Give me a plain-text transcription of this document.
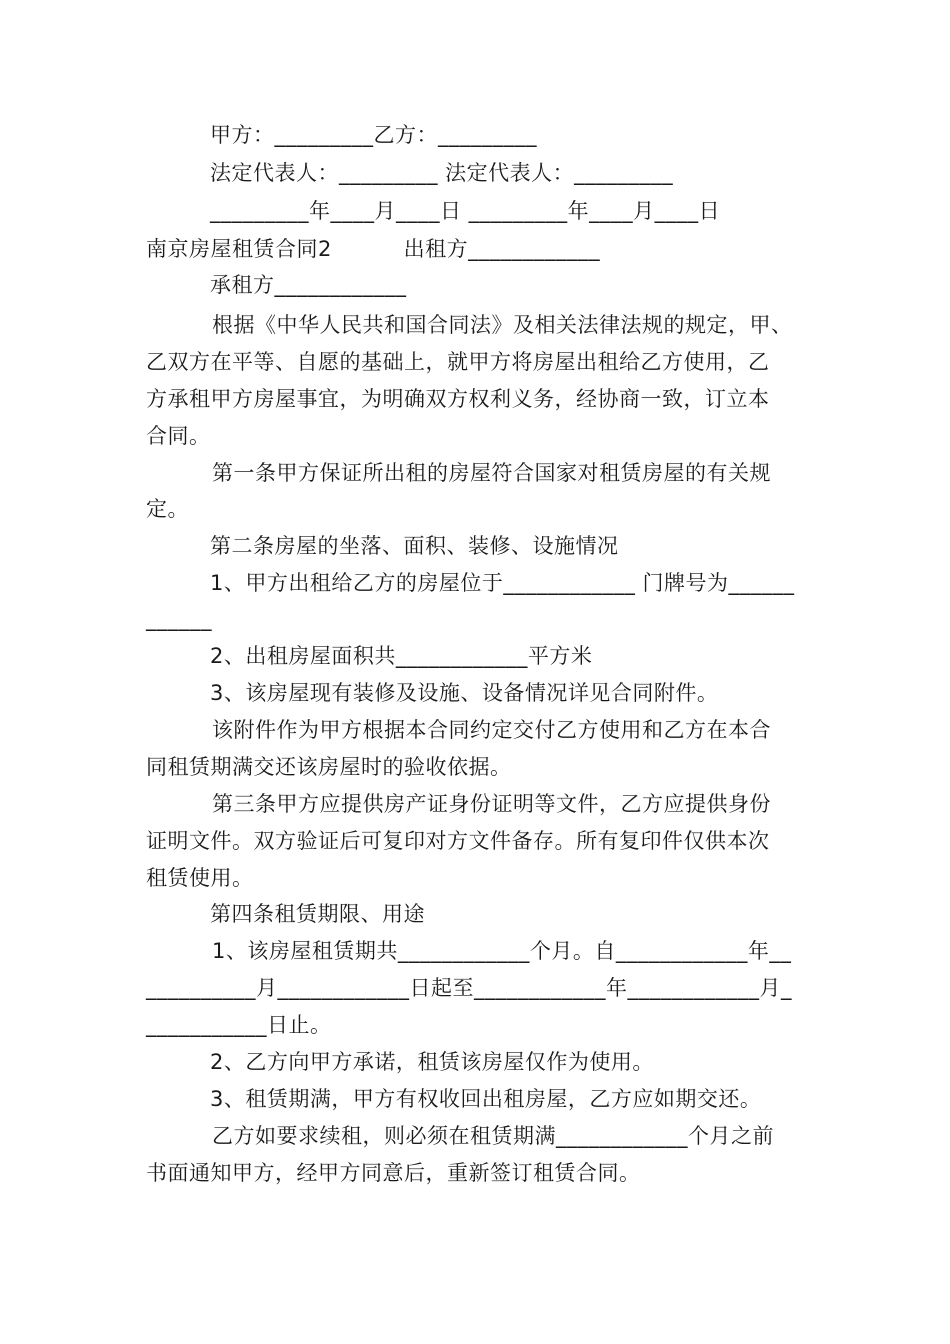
甲方：_________乙方：_________
法定代表人：_________ 法定代表人：_________
_________年____月____日 _________年____月____日
南京房屋租赁合同2          出租方____________
承租方____________
根据《中华人民共和国合同法》及相关法律法规的规定，甲、
乙双方在平等、自愿的基础上，就甲方将房屋出租给乙方使用，乙
方承租甲方房屋事宜，为明确双方权利义务，经协商一致，订立本
合同。
第一条甲方保证所出租的房屋符合国家对租赁房屋的有关规
定。
第二条房屋的坐落、面积、装修、设施情况
1、甲方出租给乙方的房屋位于____________ 门牌号为______
______
2、出租房屋面积共____________平方米
3、该房屋现有装修及设施、设备情况详见合同附件。
该附件作为甲方根据本合同约定交付乙方使用和乙方在本合
同租赁期满交还该房屋时的验收依据。
第三条甲方应提供房产证身份证明等文件，乙方应提供身份
证明文件。双方验证后可复印对方文件备存。所有复印件仅供本次
租赁使用。
第四条租赁期限、用途
1、该房屋租赁期共____________个月。自____________年__
__________月____________日起至____________年____________月_
___________日止。
2、乙方向甲方承诺，租赁该房屋仅作为使用。
3、租赁期满，甲方有权收回出租房屋，乙方应如期交还。
乙方如要求续租，则必须在租赁期满____________个月之前
书面通知甲方，经甲方同意后，重新签订租赁合同。
